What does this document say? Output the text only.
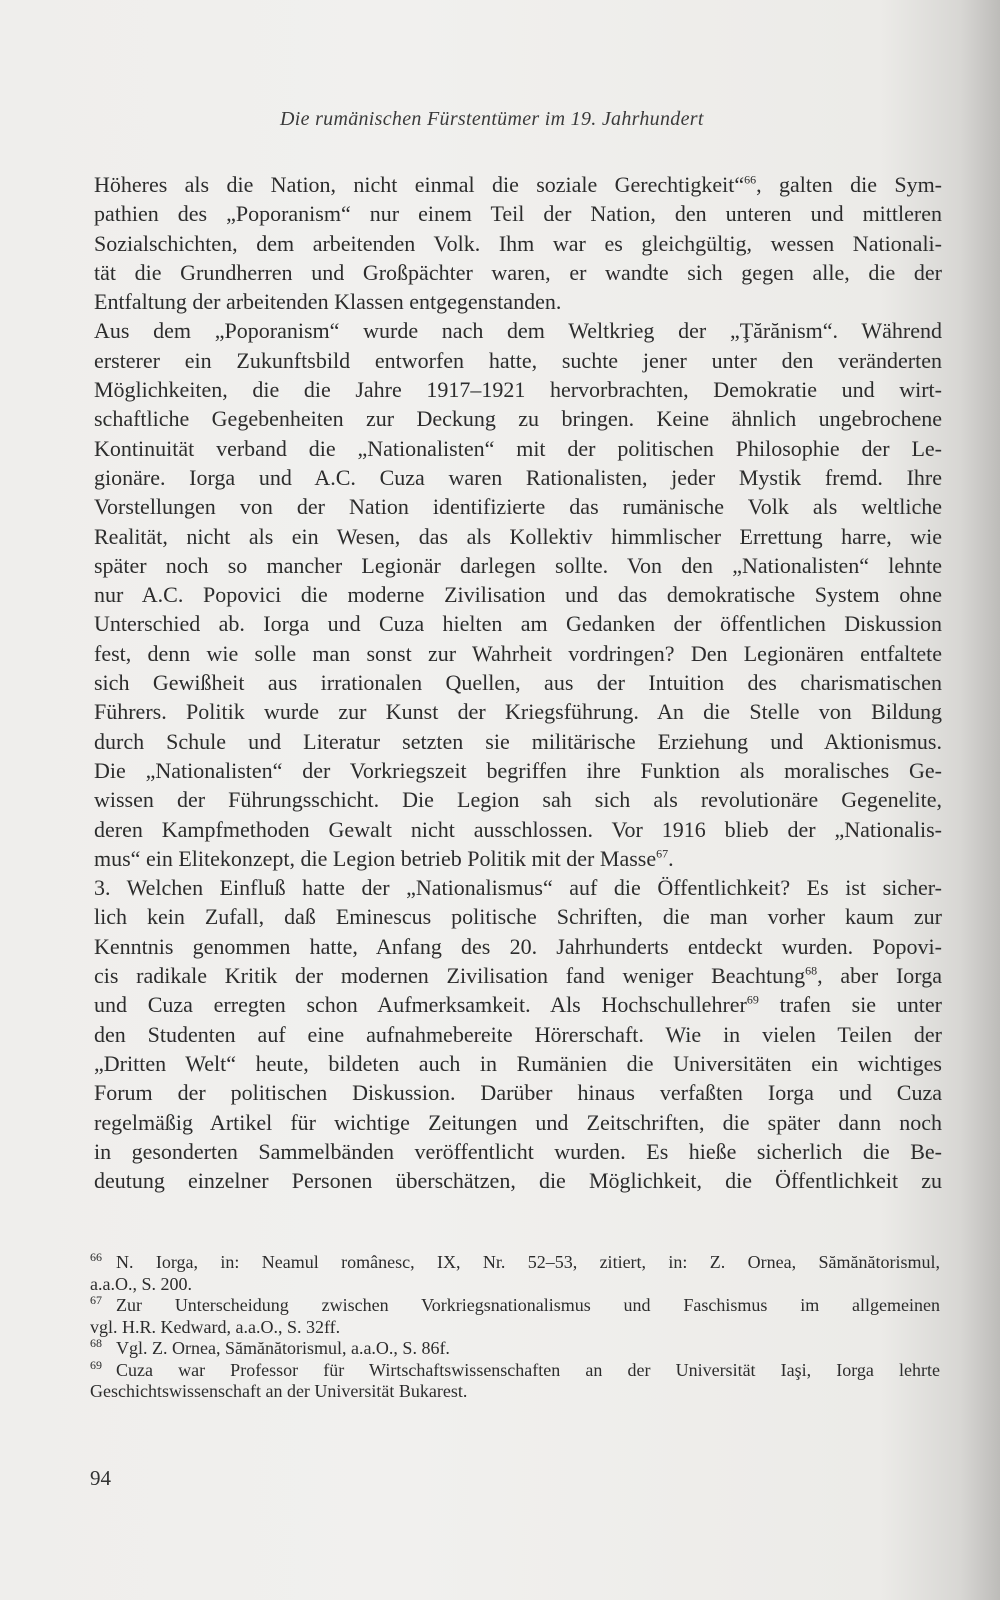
Die rumänischen Fürstentümer im 19. Jahrhundert
Höheres als die Nation, nicht einmal die soziale Gerechtigkeit“$^{66}$, galten die Sym-
pathien des „Poporanism“ nur einem Teil der Nation, den unteren und mittleren
Sozialschichten, dem arbeitenden Volk. Ihm war es gleichgültig, wessen Nationali-
tät die Grundherren und Großpächter waren, er wandte sich gegen alle, die der
Entfaltung der arbeitenden Klassen entgegenstanden.
Aus dem „Poporanism“ wurde nach dem Weltkrieg der „Ţărănism“. Während
ersterer ein Zukunftsbild entworfen hatte, suchte jener unter den veränderten
Möglichkeiten, die die Jahre 1917–1921 hervorbrachten, Demokratie und wirt-
schaftliche Gegebenheiten zur Deckung zu bringen. Keine ähnlich ungebrochene
Kontinuität verband die „Nationalisten“ mit der politischen Philosophie der Le-
gionäre. Iorga und A.C. Cuza waren Rationalisten, jeder Mystik fremd. Ihre
Vorstellungen von der Nation identifizierte das rumänische Volk als weltliche
Realität, nicht als ein Wesen, das als Kollektiv himmlischer Errettung harre, wie
später noch so mancher Legionär darlegen sollte. Von den „Nationalisten“ lehnte
nur A.C. Popovici die moderne Zivilisation und das demokratische System ohne
Unterschied ab. Iorga und Cuza hielten am Gedanken der öffentlichen Diskussion
fest, denn wie solle man sonst zur Wahrheit vordringen? Den Legionären entfaltete
sich Gewißheit aus irrationalen Quellen, aus der Intuition des charismatischen
Führers. Politik wurde zur Kunst der Kriegsführung. An die Stelle von Bildung
durch Schule und Literatur setzten sie militärische Erziehung und Aktionismus.
Die „Nationalisten“ der Vorkriegszeit begriffen ihre Funktion als moralisches Ge-
wissen der Führungsschicht. Die Legion sah sich als revolutionäre Gegenelite,
deren Kampfmethoden Gewalt nicht ausschlossen. Vor 1916 blieb der „Nationalis-
mus“ ein Elitekonzept, die Legion betrieb Politik mit der Masse$^{67}$.
3. Welchen Einfluß hatte der „Nationalismus“ auf die Öffentlichkeit? Es ist sicher-
lich kein Zufall, daß Eminescus politische Schriften, die man vorher kaum zur
Kenntnis genommen hatte, Anfang des 20. Jahrhunderts entdeckt wurden. Popovi-
cis radikale Kritik der modernen Zivilisation fand weniger Beachtung$^{68}$, aber Iorga
und Cuza erregten schon Aufmerksamkeit. Als Hochschullehrer$^{69}$ trafen sie unter
den Studenten auf eine aufnahmebereite Hörerschaft. Wie in vielen Teilen der
„Dritten Welt“ heute, bildeten auch in Rumänien die Universitäten ein wichtiges
Forum der politischen Diskussion. Darüber hinaus verfaßten Iorga und Cuza
regelmäßig Artikel für wichtige Zeitungen und Zeitschriften, die später dann noch
in gesonderten Sammelbänden veröffentlicht wurden. Es hieße sicherlich die Be-
deutung einzelner Personen überschätzen, die Möglichkeit, die Öffentlichkeit zu
$^{66}$ N. Iorga, in: Neamul românesc, IX, Nr. 52–53, zitiert, in: Z. Ornea, Sămănătorismul,
a.a.O., S. 200.
$^{67}$ Zur Unterscheidung zwischen Vorkriegsnationalismus und Faschismus im allgemeinen
vgl. H.R. Kedward, a.a.O., S. 32ff.
$^{68}$ Vgl. Z. Ornea, Sămănătorismul, a.a.O., S. 86f.
$^{69}$ Cuza war Professor für Wirtschaftswissenschaften an der Universität Iaşi, Iorga lehrte
Geschichtswissenschaft an der Universität Bukarest.
94
